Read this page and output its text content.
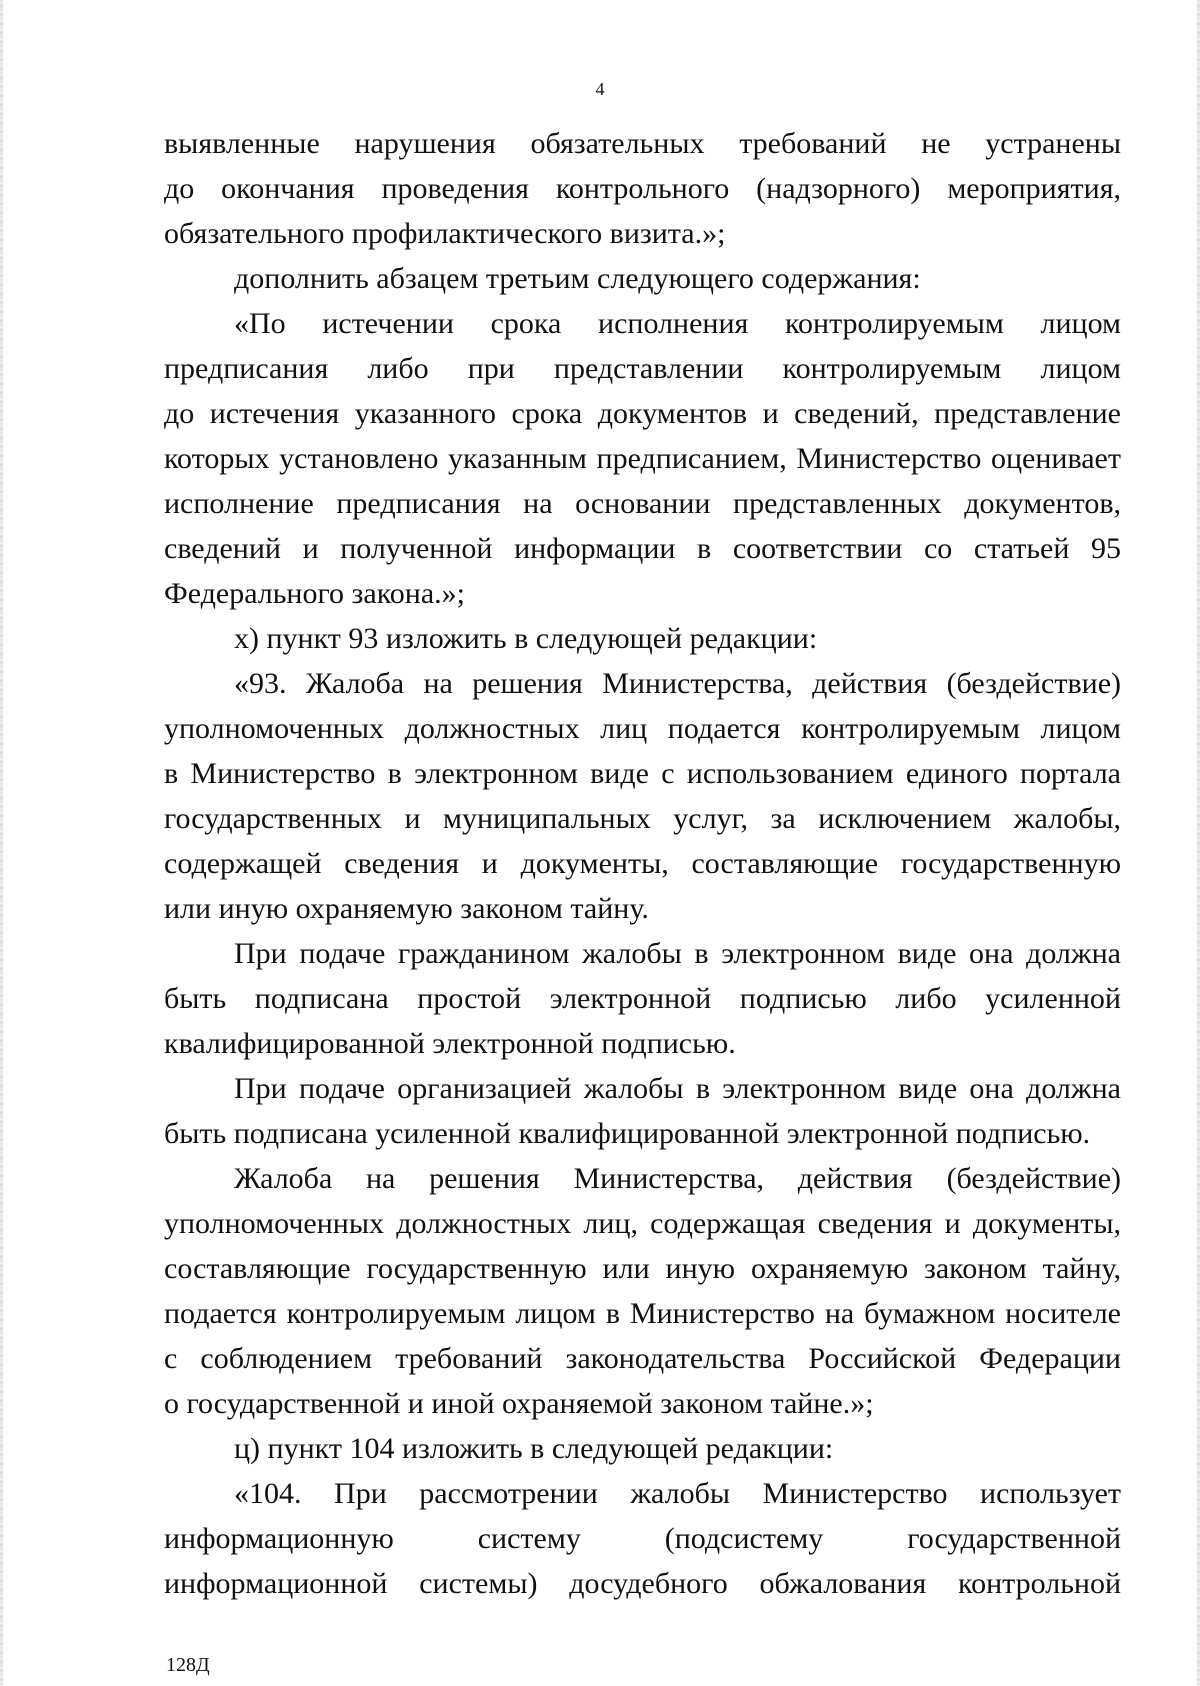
4
выявленные нарушения обязательных требований не устранены
до окончания проведения контрольного (надзорного) мероприятия,
обязательного профилактического визита.»;
дополнить абзацем третьим следующего содержания:
«По истечении срока исполнения контролируемым лицом
предписания либо при представлении контролируемым лицом
до истечения указанного срока документов и сведений, представление
которых установлено указанным предписанием, Министерство оценивает
исполнение предписания на основании представленных документов,
сведений и полученной информации в соответствии со статьей 95
Федерального закона.»;
х) пункт 93 изложить в следующей редакции:
«93. Жалоба на решения Министерства, действия (бездействие)
уполномоченных должностных лиц подается контролируемым лицом
в Министерство в электронном виде с использованием единого портала
государственных и муниципальных услуг, за исключением жалобы,
содержащей сведения и документы, составляющие государственную
или иную охраняемую законом тайну.
При подаче гражданином жалобы в электронном виде она должна
быть подписана простой электронной подписью либо усиленной
квалифицированной электронной подписью.
При подаче организацией жалобы в электронном виде она должна
быть подписана усиленной квалифицированной электронной подписью.
Жалоба на решения Министерства, действия (бездействие)
уполномоченных должностных лиц, содержащая сведения и документы,
составляющие государственную или иную охраняемую законом тайну,
подается контролируемым лицом в Министерство на бумажном носителе
с соблюдением требований законодательства Российской Федерации
о государственной и иной охраняемой законом тайне.»;
ц) пункт 104 изложить в следующей редакции:
«104. При рассмотрении жалобы Министерство использует
информационную систему (подсистему государственной
информационной системы) досудебного обжалования контрольной
128Д
